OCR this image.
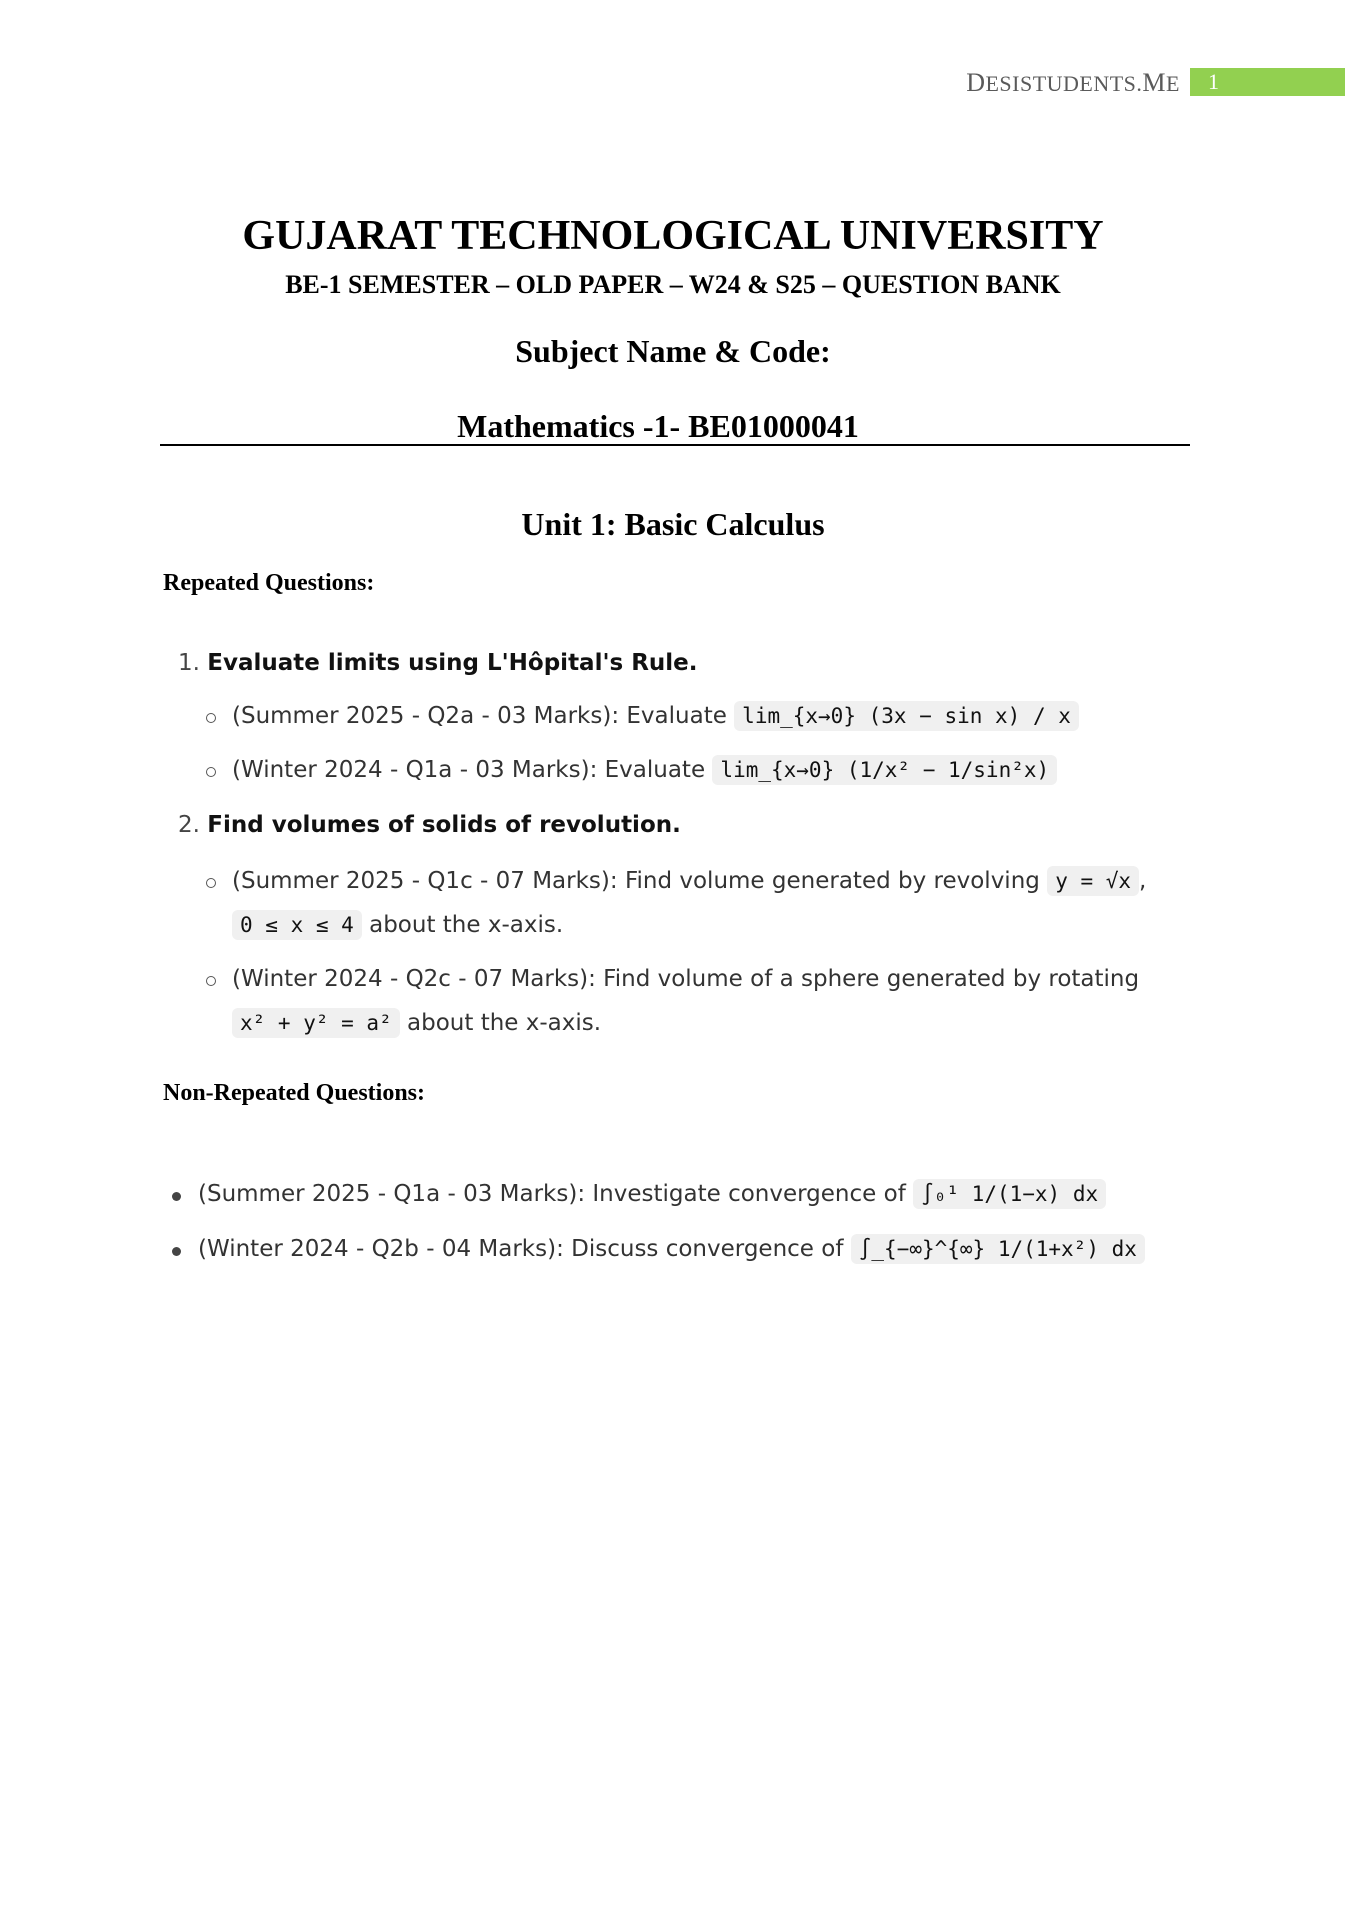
DESISTUDENTS.ME 1
GUJARAT TECHNOLOGICAL UNIVERSITY
BE-1 SEMESTER – OLD PAPER – W24 & S25 – QUESTION BANK
Subject Name & Code:
Mathematics -1- BE01000041
Unit 1: Basic Calculus
Repeated Questions:
1. Evaluate limits using L'Hôpital's Rule.
(Summer 2025 - Q2a - 03 Marks): Evaluate lim_{x→0} (3x − sin x) / x
(Winter 2024 - Q1a - 03 Marks): Evaluate lim_{x→0} (1/x² − 1/sin²x)
2. Find volumes of solids of revolution.
(Summer 2025 - Q1c - 07 Marks): Find volume generated by revolving y = √x ,
0 ≤ x ≤ 4 about the x-axis.
(Winter 2024 - Q2c - 07 Marks): Find volume of a sphere generated by rotating
x² + y² = a² about the x-axis.
Non-Repeated Questions:
(Summer 2025 - Q1a - 03 Marks): Investigate convergence of ∫₀¹ 1/(1−x) dx
(Winter 2024 - Q2b - 04 Marks): Discuss convergence of ∫_{−∞}^{∞} 1/(1+x²) dx
